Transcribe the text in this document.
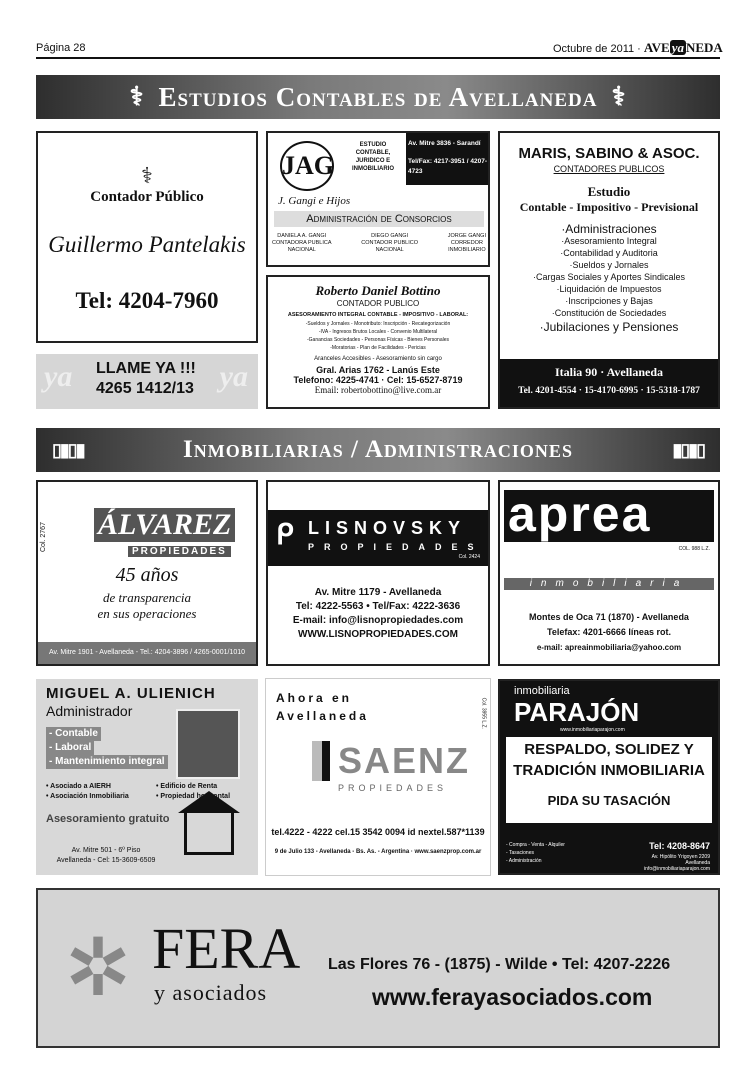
Página 28	Octubre de 2011 · AVE ya NEDA
⚕ Estudios Contables de Avellaneda ⚕
⚕
Contador Público
Guillermo Pantelakis
Tel: 4204-7960
ya	ya
LLAME YA !!!
4265 1412/13
JAG
ESTUDIO
CONTABLE,
JURIDICO E
INMOBILIARIO
Av. Mitre 3836 - Sarandí
Tel/Fax: 4217-3951 / 4207-4723
J. Gangi e Hijos
Administración de Consorcios
DANIELA A. GANGI
CONTADORA PUBLICA
NACIONAL
DIEGO GANGI
CONTADOR PUBLICO
NACIONAL
JORGE GANGI
CORREDOR
INMOBILIARIO
Roberto Daniel Bottino
CONTADOR PUBLICO
ASESORAMIENTO INTEGRAL CONTABLE - IMPOSITIVO - LABORAL:
-Sueldos y Jornales - Monotributo: Inscripción - Recategorización
-IVA - Ingresos Brutos Locales - Convenio Multilateral
-Ganancias Sociedades - Personas Físicas - Bienes Personales
-Moratorias - Plan de Facilidades - Pericias
Aranceles Accesibles - Asesoramiento sin cargo
Gral. Arias 1762 - Lanús Este
Telefono: 4225-4741 · Cel: 15-6527-8719
Email: robertobottino@live.com.ar
MARIS, SABINO & ASOC.
CONTADORES PUBLICOS
Estudio
Contable - Impositivo - Previsional
·Administraciones
·Asesoramiento Integral
·Contabilidad y Auditoria
·Sueldos y Jornales
·Cargas Sociales y Aportes Sindicales
·Liquidación de Impuestos
·Inscripciones y Bajas
·Constitución de Sociedades
·Jubilaciones y Pensiones
Italia 90 · Avellaneda
Tel. 4201-4554 · 15-4170-6995 · 15-5318-1787
▯▮▯▮	Inmobiliarias / Administraciones	▮▯▮▯
Col. 2767 ÁLVAREZ
PROPIEDADES
45 años
de transparencia
en sus operaciones
Av. Mitre 1901 - Avellaneda - Tel.: 4204-3896 / 4265-0001/1010
ᑭ LISNOVSKY
PROPIEDADES
Col. 2424
Av. Mitre 1179 - Avellaneda
Tel: 4222-5563 • Tel/Fax: 4222-3636
E-mail: info@lisnopropiedades.com
WWW.LISNOPROPIEDADES.COM
aprea
COL. 988 L.Z.
inmobiliaria
Montes de Oca 71 (1870) - Avellaneda
Telefax: 4201-6666 líneas rot.
e-mail: apreainmobiliaria@yahoo.com
MIGUEL A. ULIENICH
Administrador
- Contable
- Laboral
- Mantenimiento integral
• Asociado a AIERH
• Asociación Inmobiliaria
• Edificio de Renta
• Propiedad horizontal
Asesoramiento gratuito
Av. Mitre 501 - 6º Piso
Avellaneda - Cel: 15-3609-6509
Ahora en
Avellaneda	Col. 3955 L.Z.
SAENZ
PROPIEDADES
tel.4222 - 4222 cel.15 3542 0094 id nextel.587*1139
9 de Julio 133 - Avellaneda - Bs. As. - Argentina · www.saenzprop.com.ar
inmobiliaria
PARAJÓN
www.inmobiliariaparajon.com
RESPALDO, SOLIDEZ Y
TRADICIÓN INMOBILIARIA
PIDA SU TASACIÓN
- Compra - Venta - Alquiler
- Tasaciones
- Administración
Tel: 4208-8647
Av. Hipólito Yrigoyen 2209
Avellaneda
info@inmobiliariaparajon.com
✲ FERA
y asociados
Las Flores 76 - (1875) - Wilde • Tel: 4207-2226
www.ferayasociados.com
